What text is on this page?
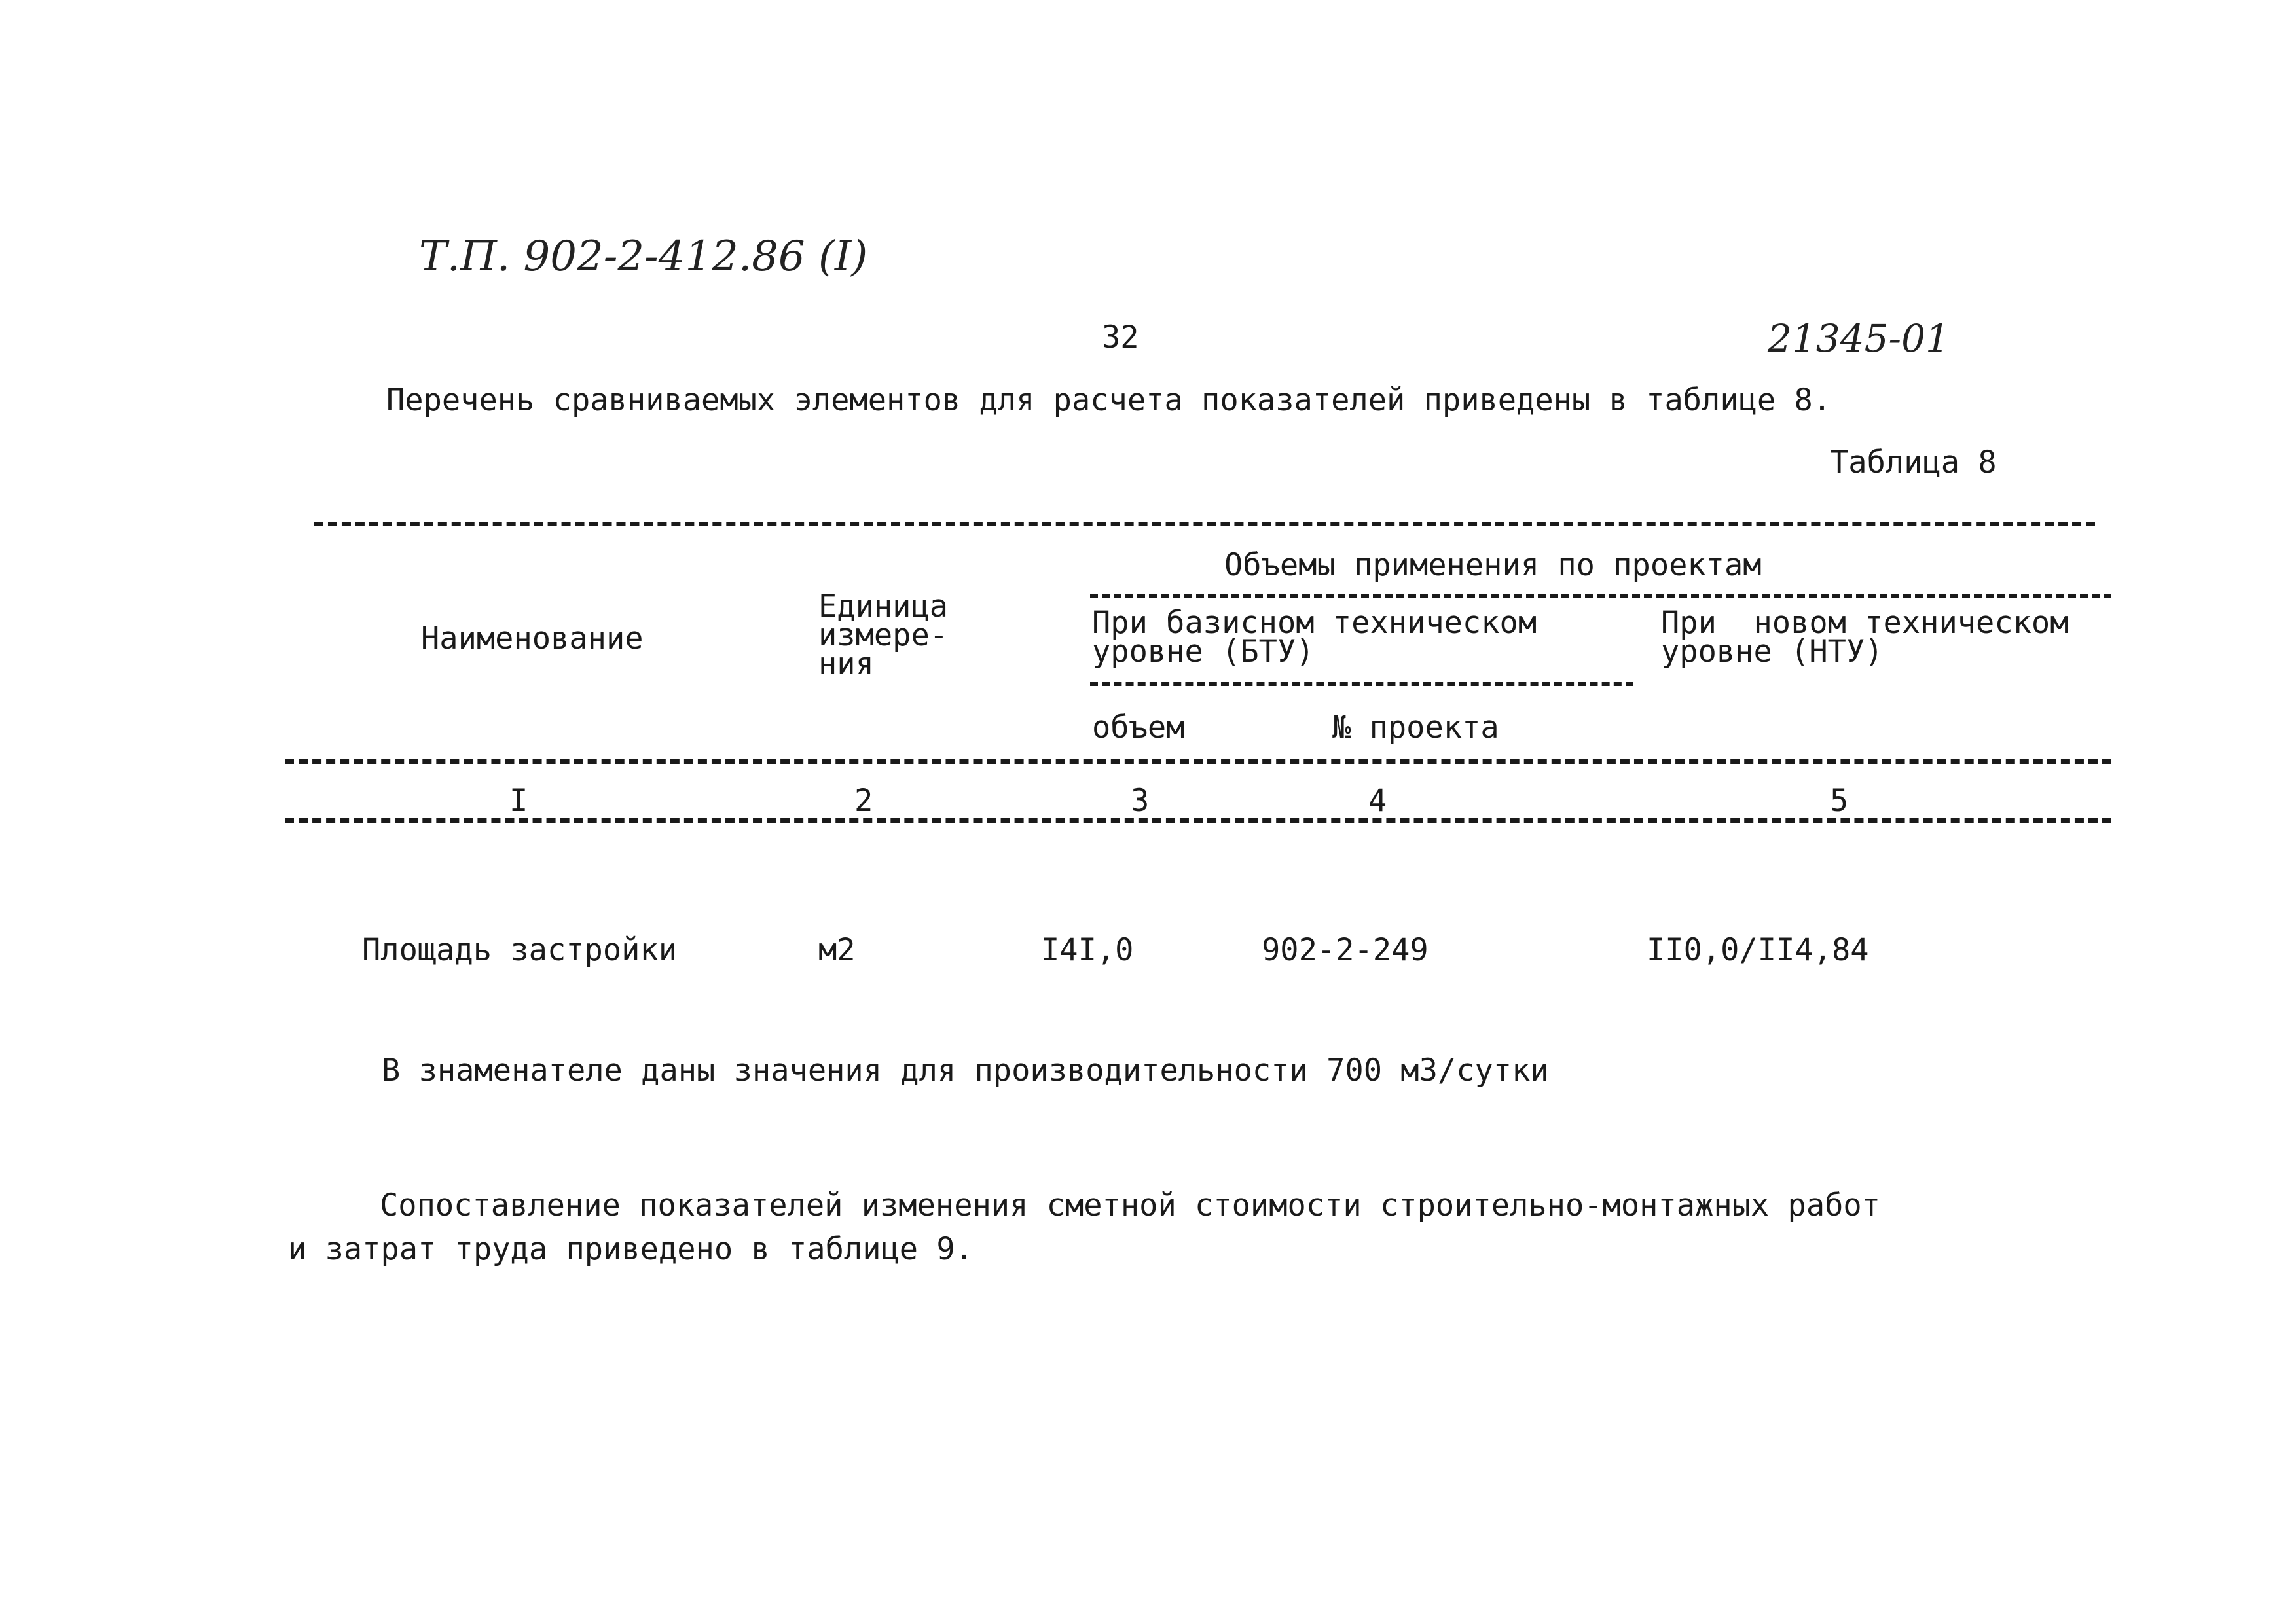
Т.П. 902-2-412.86 (I)
32	21345-01
Перечень сравниваемых элементов для расчета показателей приведены в таблице 8.
Таблица 8
Объемы применения по проектам
Наименование
Единица
измере-
ния
При базисном техническом
уровне (БТУ)
При  новом техническом
уровне (НТУ)
объем	№ проекта
I	2	3	4	5
Площадь застройки	м2	I4I,0	902-2-249	II0,0/II4,84
В знаменателе даны значения для производительности 700 м3/сутки
Сопоставление показателей изменения сметной стоимости строительно-монтажных работ
и затрат труда приведено в таблице 9.
